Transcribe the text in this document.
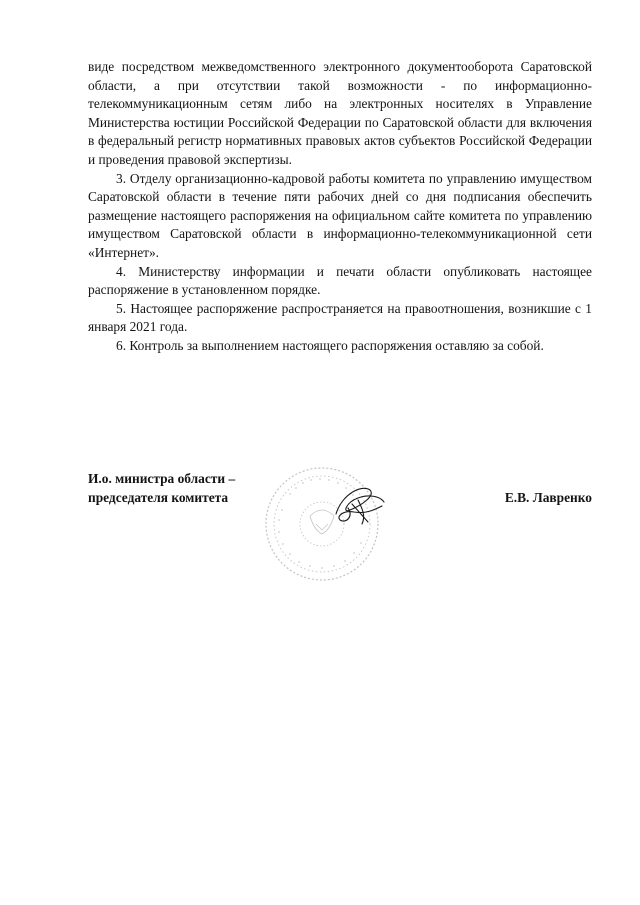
виде посредством межведомственного электронного документооборота Саратовской области, а при отсутствии такой возможности - по информационно-телекоммуникационным сетям либо на электронных носителях в Управление Министерства юстиции Российской Федерации по Саратовской области для включения в федеральный регистр нормативных правовых актов субъектов Российской Федерации и проведения правовой экспертизы.

3. Отделу организационно-кадровой работы комитета по управлению имуществом Саратовской области в течение пяти рабочих дней со дня подписания обеспечить размещение настоящего распоряжения на официальном сайте комитета по управлению имуществом Саратовской области в информационно-телекоммуникационной сети «Интернет».

4. Министерству информации и печати области опубликовать настоящее распоряжение в установленном порядке.

5. Настоящее распоряжение распространяется на правоотношения, возникшие с 1 января 2021 года.

6. Контроль за выполнением настоящего распоряжения оставляю за собой.

И.о. министра области –
председателя комитета	Е.В. Лавренко
